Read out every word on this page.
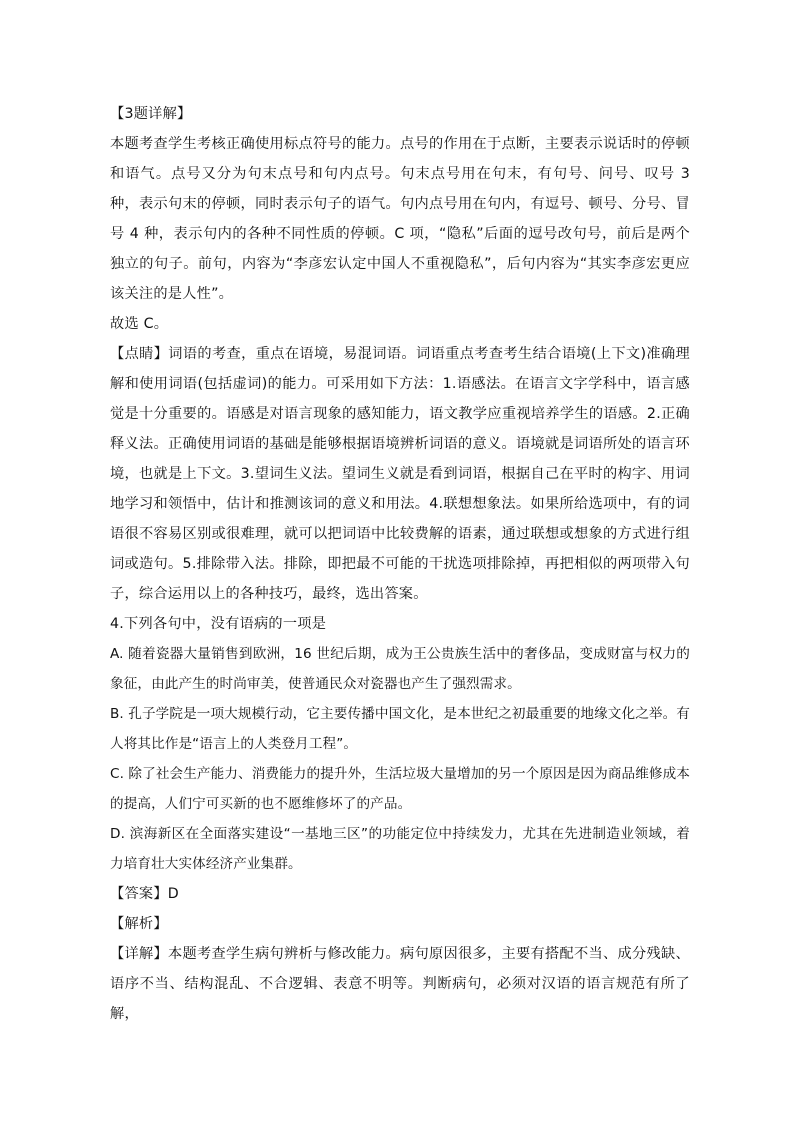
【3题详解】

本题考查学生考核正确使用标点符号的能力。点号的作用在于点断，主要表示说话时的停顿和语气。点号又分为句末点号和句内点号。句末点号用在句末，有句号、问号、叹号 3 种，表示句末的停顿，同时表示句子的语气。句内点号用在句内，有逗号、顿号、分号、冒号 4 种，表示句内的各种不同性质的停顿。C 项，“隐私”后面的逗号改句号，前后是两个独立的句子。前句，内容为“李彦宏认定中国人不重视隐私”，后句内容为“其实李彦宏更应该关注的是人性”。

故选 C。

【点睛】词语的考查，重点在语境，易混词语。词语重点考查考生结合语境(上下文)准确理解和使用词语(包括虚词)的能力。可采用如下方法：1.语感法。在语言文字学科中，语言感觉是十分重要的。语感是对语言现象的感知能力，语文教学应重视培养学生的语感。2.正确释义法。正确使用词语的基础是能够根据语境辨析词语的意义。语境就是词语所处的语言环境，也就是上下文。3.望词生义法。望词生义就是看到词语，根据自己在平时的构字、用词地学习和领悟中，估计和推测该词的意义和用法。4.联想想象法。如果所给选项中，有的词语很不容易区别或很难理，就可以把词语中比较费解的语素，通过联想或想象的方式进行组词或造句。5.排除带入法。排除，即把最不可能的干扰选项排除掉，再把相似的两项带入句子，综合运用以上的各种技巧，最终，选出答案。

4.下列各句中，没有语病的一项是

A. 随着瓷器大量销售到欧洲，16 世纪后期，成为王公贵族生活中的奢侈品，变成财富与权力的象征，由此产生的时尚审美，使普通民众对瓷器也产生了强烈需求。

B. 孔子学院是一项大规模行动，它主要传播中国文化，是本世纪之初最重要的地缘文化之举。有人将其比作是“语言上的人类登月工程”。

C. 除了社会生产能力、消费能力的提升外，生活垃圾大量增加的另一个原因是因为商品维修成本的提高，人们宁可买新的也不愿维修坏了的产品。

D. 滨海新区在全面落实建设“一基地三区”的功能定位中持续发力，尤其在先进制造业领域，着力培育壮大实体经济产业集群。

【答案】D

【解析】

【详解】本题考查学生病句辨析与修改能力。病句原因很多，主要有搭配不当、成分残缺、语序不当、结构混乱、不合逻辑、表意不明等。判断病句，必须对汉语的语言规范有所了解，
